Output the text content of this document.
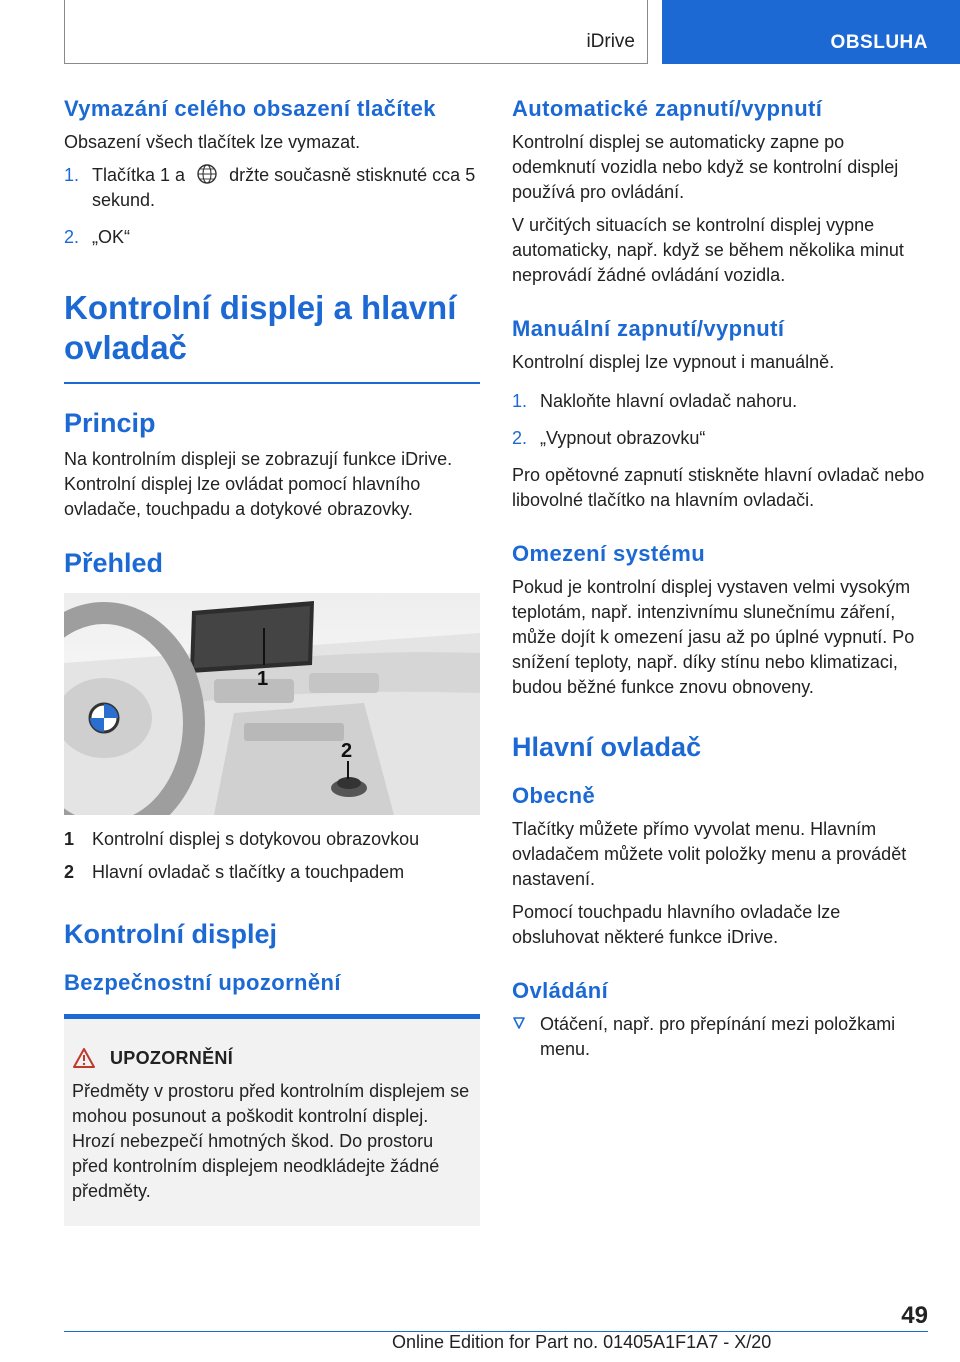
iDrive	OBSLUHA
Vymazání celého obsazení tlačítek

Obsazení všech tlačítek lze vymazat.

1. Tlačítka 1 a držte současně stisknuté cca 5 sekund.
2. „OK“
Kontrolní displej a hlavní
ovladač
Princip

Na kontrolním displeji se zobrazují funkce iDrive. Kontrolní displej lze ovládat pomocí hlavního ovladače, touchpadu a dotykové obrazovky.

Přehled
1
2
1 Kontrolní displej s dotykovou obrazovkou
2 Hlavní ovladač s tlačítky a touchpadem
Kontrolní displej
Bezpečnostní upozornění
UPOZORNĚNÍ

Předměty v prostoru před kontrolním displejem se mohou posunout a poškodit kontrolní displej. Hrozí nebezpečí hmotných škod. Do prostoru před kontrolním displejem neodkládejte žádné předměty.

Automatické zapnutí/vypnutí

Kontrolní displej se automaticky zapne po odemknutí vozidla nebo když se kontrolní displej používá pro ovládání.

V určitých situacích se kontrolní displej vypne automaticky, např. když se během několika minut neprovádí žádné ovládání vozidla.

Manuální zapnutí/vypnutí

Kontrolní displej lze vypnout i manuálně.

1. Nakloňte hlavní ovladač nahoru.
2. „Vypnout obrazovku“

Pro opětovné zapnutí stiskněte hlavní ovladač nebo libovolné tlačítko na hlavním ovladači.

Omezení systému

Pokud je kontrolní displej vystaven velmi vysokým teplotám, např. intenzivnímu slunečnímu záření, může dojít k omezení jasu až po úplné vypnutí. Po snížení teploty, např. díky stínu nebo klimatizaci, budou běžné funkce znovu obnoveny.

Hlavní ovladač
Obecně

Tlačítky můžete přímo vyvolat menu. Hlavním ovladačem můžete volit položky menu a provádět nastavení.

Pomocí touchpadu hlavního ovladače lze obsluhovat některé funkce iDrive.

Ovládání
Otáčení, např. pro přepínání mezi položkami menu.
49
Online Edition for Part no. 01405A1F1A7 - X/20
